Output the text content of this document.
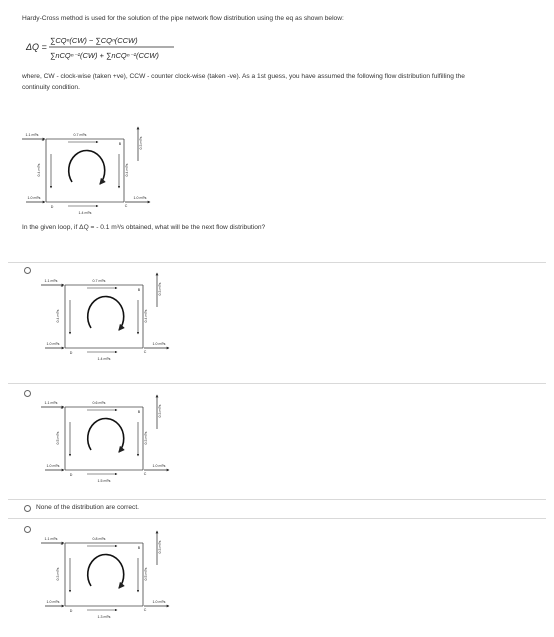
Hardy-Cross method is used for the solution of the pipe network flow distribution using the eq as shown below:
ΔQ =
∑CQⁿ(CW) − ∑CQⁿ(CCW)
∑nCQⁿ⁻¹(CW) + ∑nCQⁿ⁻¹(CCW)
where, CW - clock-wise (taken +ve), CCW - counter clock-wise (taken -ve). As a 1st guess, you have assumed the following flow distribution fulfilling the
continuity condition.
1.1 m³/s
A
0.7 m³/s
B
0.4 m³/s	0.4 m³/s
0.3 m³/s
1.0 m³/s
D
1.4 m³/s
C
1.0 m³/s
In the given loop, if ΔQ = - 0.1 m³/s obtained, what will be the next flow distribution?
1.1 m³/s
A
0.7 m³/s
B
0.4 m³/s	0.4 m³/s
0.3 m³/s
1.0 m³/s
D
1.4 m³/s
C
1.0 m³/s
1.1 m³/s
A
0.6 m³/s
B
0.5 m³/s	0.3 m³/s
0.3 m³/s
1.0 m³/s
D
1.5 m³/s
C
1.0 m³/s
None of the distribution are correct.
1.1 m³/s
A
0.8 m³/s
B
0.3 m³/s	0.5 m³/s
0.3 m³/s
1.0 m³/s
D
1.3 m³/s
C
1.0 m³/s
